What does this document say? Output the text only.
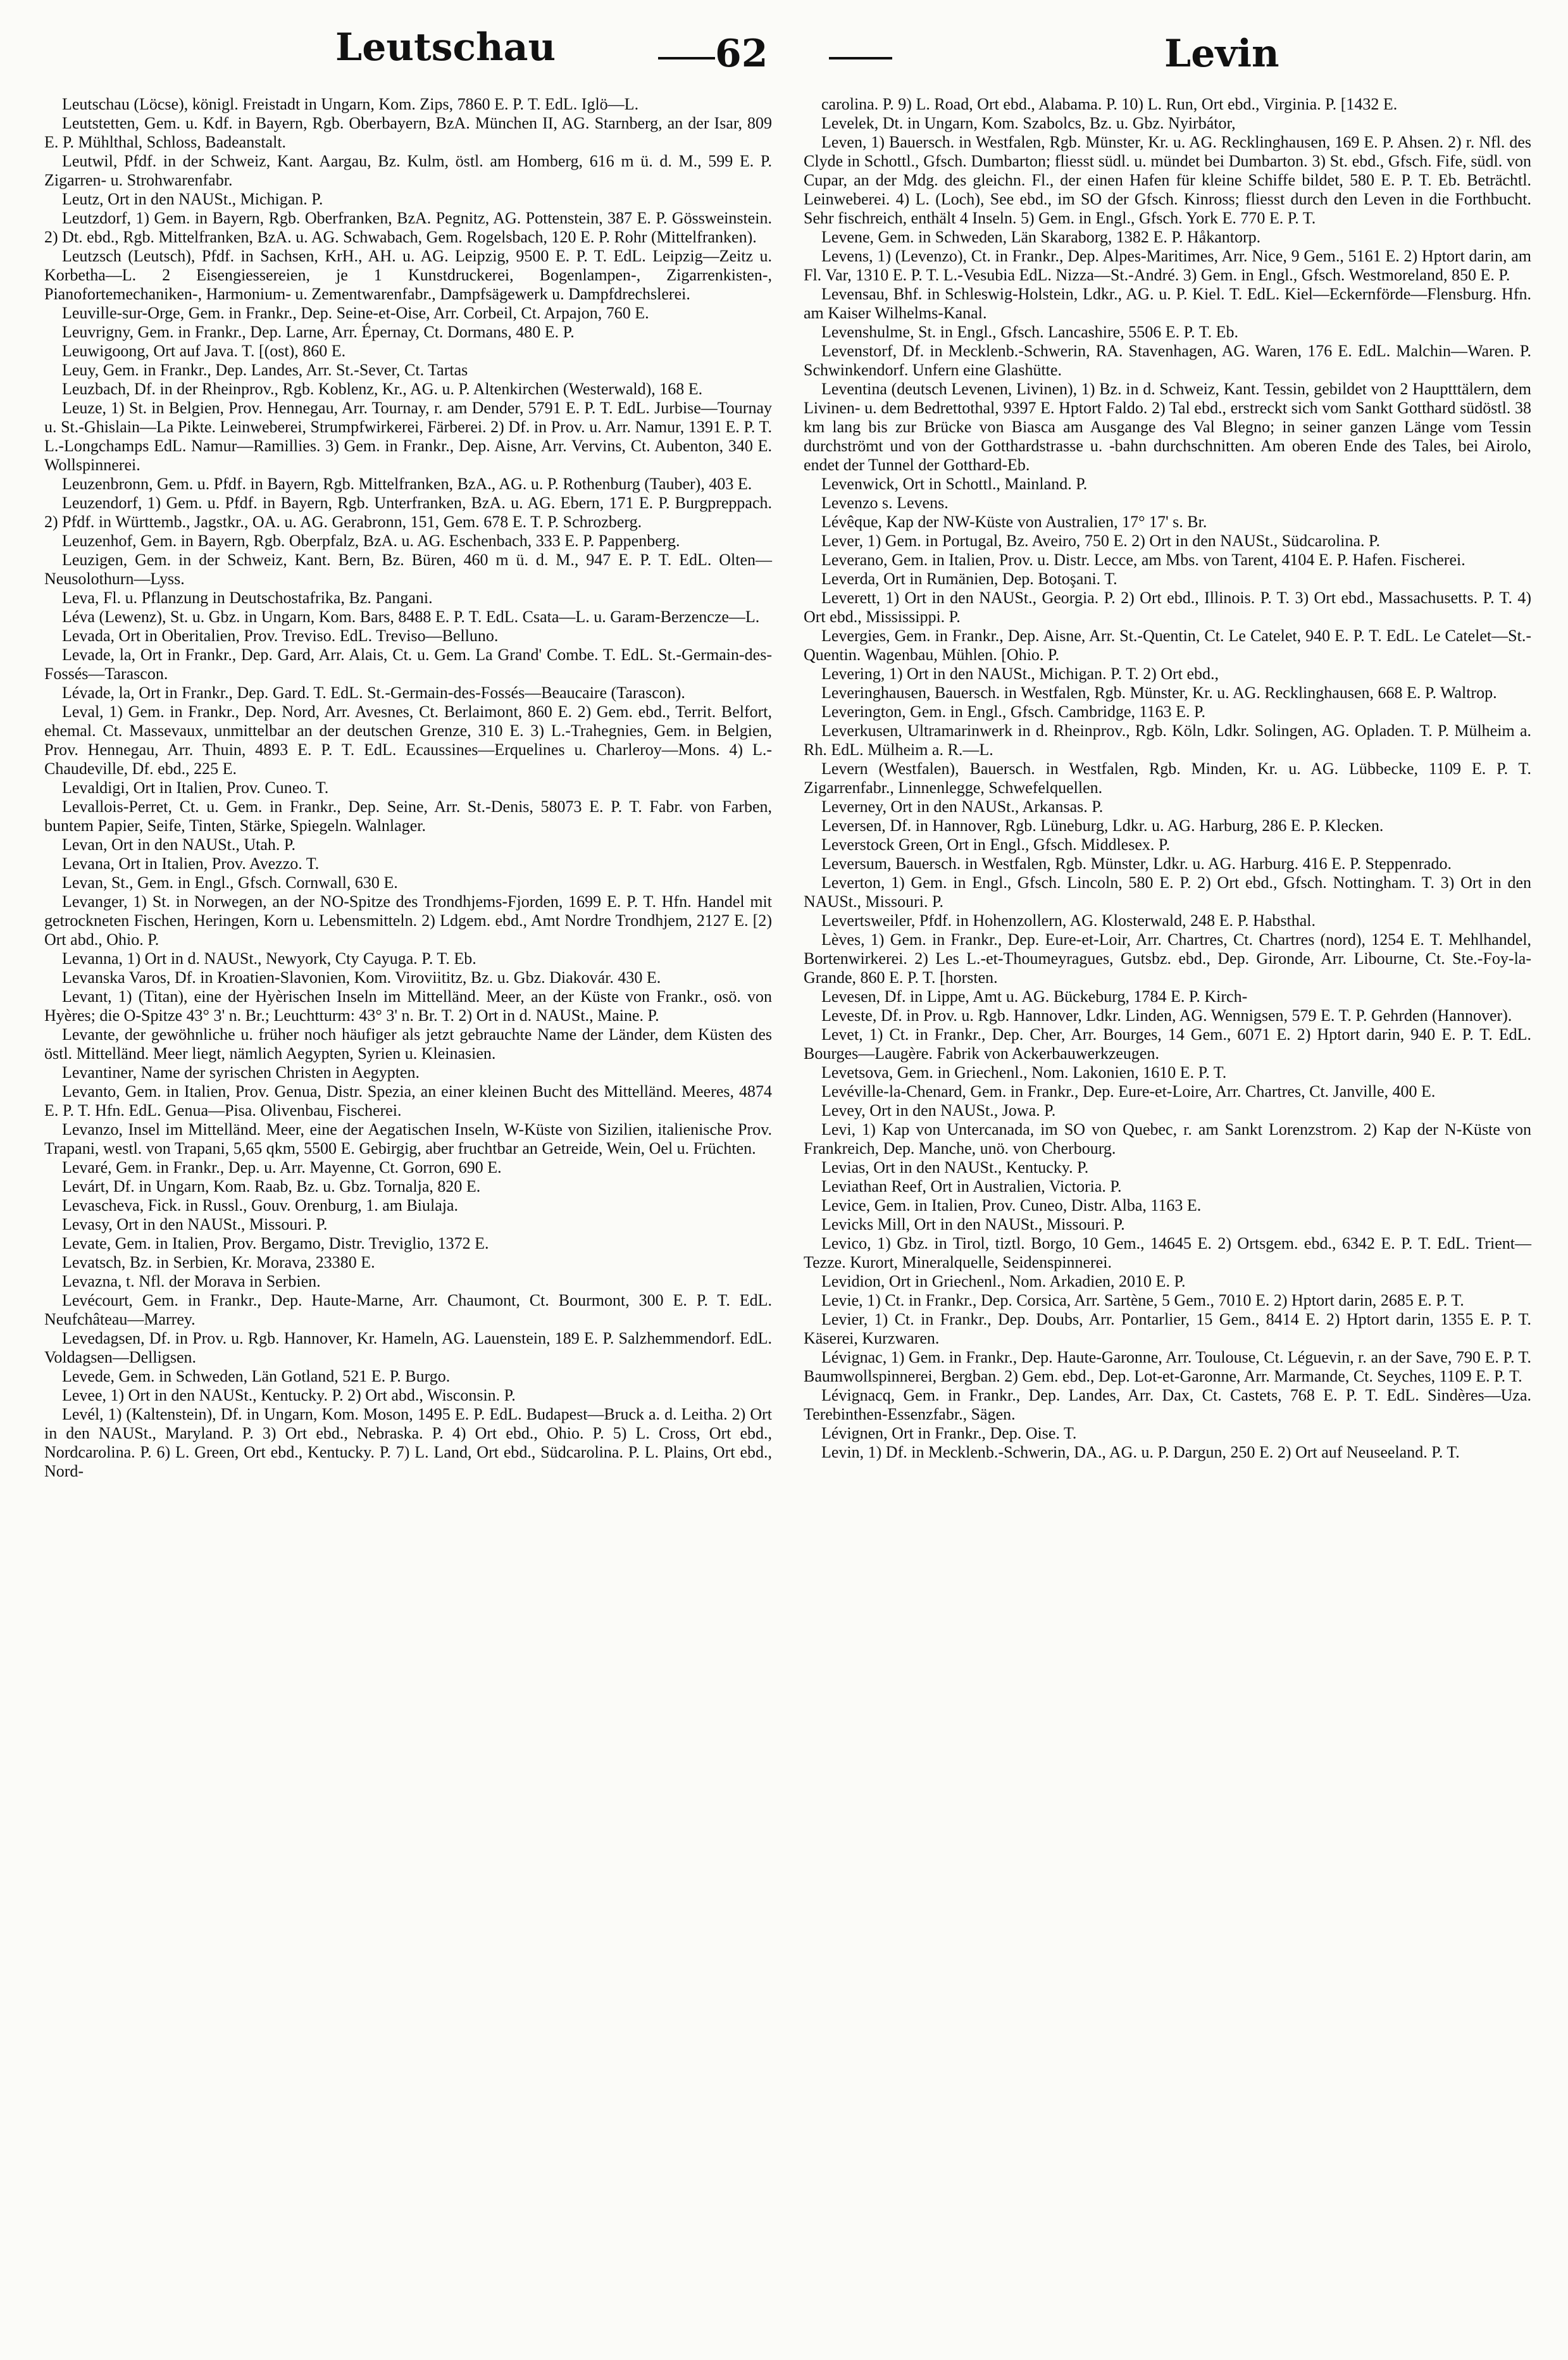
Leutschau	62	Levin

Leutschau (Löcse), königl. Freistadt in Ungarn, Kom. Zips, 7860 E. P. T. EdL. Iglö—L.

Leutstetten, Gem. u. Kdf. in Bayern, Rgb. Oberbayern, BzA. München II, AG. Starnberg, an der Isar, 809 E. P. Mühlthal, Schloss, Badeanstalt.

Leutwil, Pfdf. in der Schweiz, Kant. Aargau, Bz. Kulm, östl. am Homberg, 616 m ü. d. M., 599 E. P. Zigarren- u. Strohwarenfabr.

Leutz, Ort in den NAUSt., Michigan. P.

Leutzdorf, 1) Gem. in Bayern, Rgb. Oberfranken, BzA. Pegnitz, AG. Pottenstein, 387 E. P. Gössweinstein. 2) Dt. ebd., Rgb. Mittelfranken, BzA. u. AG. Schwabach, Gem. Rogelsbach, 120 E. P. Rohr (Mittelfranken).

Leutzsch (Leutsch), Pfdf. in Sachsen, KrH., AH. u. AG. Leipzig, 9500 E. P. T. EdL. Leipzig—Zeitz u. Korbetha—L. 2 Eisengiessereien, je 1 Kunstdruckerei, Bogenlampen-, Zigarrenkisten-, Pianofortemechaniken-, Harmonium- u. Zementwarenfabr., Dampfsägewerk u. Dampfdrechslerei.

Leuville-sur-Orge, Gem. in Frankr., Dep. Seine-et-Oise, Arr. Corbeil, Ct. Arpajon, 760 E.

Leuvrigny, Gem. in Frankr., Dep. Larne, Arr. Épernay, Ct. Dormans, 480 E. P.

Leuwigoong, Ort auf Java. T. [(ost), 860 E.

Leuy, Gem. in Frankr., Dep. Landes, Arr. St.-Sever, Ct. Tartas

Leuzbach, Df. in der Rheinprov., Rgb. Koblenz, Kr., AG. u. P. Altenkirchen (Westerwald), 168 E.

Leuze, 1) St. in Belgien, Prov. Hennegau, Arr. Tournay, r. am Dender, 5791 E. P. T. EdL. Jurbise—Tournay u. St.-Ghislain—La Pikte. Leinweberei, Strumpfwirkerei, Färberei. 2) Df. in Prov. u. Arr. Namur, 1391 E. P. T. L.-Longchamps EdL. Namur—Ramillies. 3) Gem. in Frankr., Dep. Aisne, Arr. Vervins, Ct. Aubenton, 340 E. Wollspinnerei.

Leuzenbronn, Gem. u. Pfdf. in Bayern, Rgb. Mittelfranken, BzA., AG. u. P. Rothenburg (Tauber), 403 E.

Leuzendorf, 1) Gem. u. Pfdf. in Bayern, Rgb. Unterfranken, BzA. u. AG. Ebern, 171 E. P. Burgpreppach. 2) Pfdf. in Württemb., Jagstkr., OA. u. AG. Gerabronn, 151, Gem. 678 E. T. P. Schrozberg.

Leuzenhof, Gem. in Bayern, Rgb. Oberpfalz, BzA. u. AG. Eschenbach, 333 E. P. Pappenberg.

Leuzigen, Gem. in der Schweiz, Kant. Bern, Bz. Büren, 460 m ü. d. M., 947 E. P. T. EdL. Olten—Neusolothurn—Lyss.

Leva, Fl. u. Pflanzung in Deutschostafrika, Bz. Pangani.

Léva (Lewenz), St. u. Gbz. in Ungarn, Kom. Bars, 8488 E. P. T. EdL. Csata—L. u. Garam-Berzencze—L.

Levada, Ort in Oberitalien, Prov. Treviso. EdL. Treviso—Belluno.

Levade, la, Ort in Frankr., Dep. Gard, Arr. Alais, Ct. u. Gem. La Grand' Combe. T. EdL. St.-Germain-des-Fossés—Tarascon.

Lévade, la, Ort in Frankr., Dep. Gard. T. EdL. St.-Germain-des-Fossés—Beaucaire (Tarascon).

Leval, 1) Gem. in Frankr., Dep. Nord, Arr. Avesnes, Ct. Berlaimont, 860 E. 2) Gem. ebd., Territ. Belfort, ehemal. Ct. Massevaux, unmittelbar an der deutschen Grenze, 310 E. 3) L.-Trahegnies, Gem. in Belgien, Prov. Hennegau, Arr. Thuin, 4893 E. P. T. EdL. Ecaussines—Erquelines u. Charleroy—Mons. 4) L.-Chaudeville, Df. ebd., 225 E.

Levaldigi, Ort in Italien, Prov. Cuneo. T.

Levallois-Perret, Ct. u. Gem. in Frankr., Dep. Seine, Arr. St.-Denis, 58073 E. P. T. Fabr. von Farben, buntem Papier, Seife, Tinten, Stärke, Spiegeln. Walnlager.

Levan, Ort in den NAUSt., Utah. P.

Levana, Ort in Italien, Prov. Avezzo. T.

Levan, St., Gem. in Engl., Gfsch. Cornwall, 630 E.

Levanger, 1) St. in Norwegen, an der NO-Spitze des Trondhjems-Fjorden, 1699 E. P. T. Hfn. Handel mit getrockneten Fischen, Heringen, Korn u. Lebensmitteln. 2) Ldgem. ebd., Amt Nordre Trondhjem, 2127 E. [2) Ort abd., Ohio. P.

Levanna, 1) Ort in d. NAUSt., Newyork, Cty Cayuga. P. T. Eb.

Levanska Varos, Df. in Kroatien-Slavonien, Kom. Viroviititz, Bz. u. Gbz. Diakovár. 430 E.

Levant, 1) (Titan), eine der Hyèrischen Inseln im Mittelländ. Meer, an der Küste von Frankr., osö. von Hyères; die O-Spitze 43° 3' n. Br.; Leuchtturm: 43° 3' n. Br. T. 2) Ort in d. NAUSt., Maine. P.

Levante, der gewöhnliche u. früher noch häufiger als jetzt gebrauchte Name der Länder, dem Küsten des östl. Mittelländ. Meer liegt, nämlich Aegypten, Syrien u. Kleinasien.

Levantiner, Name der syrischen Christen in Aegypten.

Levanto, Gem. in Italien, Prov. Genua, Distr. Spezia, an einer kleinen Bucht des Mittelländ. Meeres, 4874 E. P. T. Hfn. EdL. Genua—Pisa. Olivenbau, Fischerei.

Levanzo, Insel im Mittelländ. Meer, eine der Aegatischen Inseln, W-Küste von Sizilien, italienische Prov. Trapani, westl. von Trapani, 5,65 qkm, 5500 E. Gebirgig, aber fruchtbar an Getreide, Wein, Oel u. Früchten.

Levaré, Gem. in Frankr., Dep. u. Arr. Mayenne, Ct. Gorron, 690 E.

Levárt, Df. in Ungarn, Kom. Raab, Bz. u. Gbz. Tornalja, 820 E.

Levascheva, Fick. in Russl., Gouv. Orenburg, 1. am Biulaja.

Levasy, Ort in den NAUSt., Missouri. P.

Levate, Gem. in Italien, Prov. Bergamo, Distr. Treviglio, 1372 E.

Levatsch, Bz. in Serbien, Kr. Morava, 23380 E.

Levazna, t. Nfl. der Morava in Serbien.

Levécourt, Gem. in Frankr., Dep. Haute-Marne, Arr. Chaumont, Ct. Bourmont, 300 E. P. T. EdL. Neufchâteau—Marrey.

Levedagsen, Df. in Prov. u. Rgb. Hannover, Kr. Hameln, AG. Lauenstein, 189 E. P. Salzhemmendorf. EdL. Voldagsen—Delligsen.

Levede, Gem. in Schweden, Län Gotland, 521 E. P. Burgo.

Levee, 1) Ort in den NAUSt., Kentucky. P. 2) Ort abd., Wisconsin. P.

Levél, 1) (Kaltenstein), Df. in Ungarn, Kom. Moson, 1495 E. P. EdL. Budapest—Bruck a. d. Leitha. 2) Ort in den NAUSt., Maryland. P. 3) Ort ebd., Nebraska. P. 4) Ort ebd., Ohio. P. 5) L. Cross, Ort ebd., Nordcarolina. P. 6) L. Green, Ort ebd., Kentucky. P. 7) L. Land, Ort ebd., Südcarolina. P. L. Plains, Ort ebd., Nord-

carolina. P. 9) L. Road, Ort ebd., Alabama. P. 10) L. Run, Ort ebd., Virginia. P. [1432 E.

Levelek, Dt. in Ungarn, Kom. Szabolcs, Bz. u. Gbz. Nyirbátor,

Leven, 1) Bauersch. in Westfalen, Rgb. Münster, Kr. u. AG. Recklinghausen, 169 E. P. Ahsen. 2) r. Nfl. des Clyde in Schottl., Gfsch. Dumbarton; fliesst südl. u. mündet bei Dumbarton. 3) St. ebd., Gfsch. Fife, südl. von Cupar, an der Mdg. des gleichn. Fl., der einen Hafen für kleine Schiffe bildet, 580 E. P. T. Eb. Beträchtl. Leinweberei. 4) L. (Loch), See ebd., im SO der Gfsch. Kinross; fliesst durch den Leven in die Forthbucht. Sehr fischreich, enthält 4 Inseln. 5) Gem. in Engl., Gfsch. York E. 770 E. P. T.

Levene, Gem. in Schweden, Län Skaraborg, 1382 E. P. Håkantorp.

Levens, 1) (Levenzo), Ct. in Frankr., Dep. Alpes-Maritimes, Arr. Nice, 9 Gem., 5161 E. 2) Hptort darin, am Fl. Var, 1310 E. P. T. L.-Vesubia EdL. Nizza—St.-André. 3) Gem. in Engl., Gfsch. Westmoreland, 850 E. P.

Levensau, Bhf. in Schleswig-Holstein, Ldkr., AG. u. P. Kiel. T. EdL. Kiel—Eckernförde—Flensburg. Hfn. am Kaiser Wilhelms-Kanal.

Levenshulme, St. in Engl., Gfsch. Lancashire, 5506 E. P. T. Eb.

Levenstorf, Df. in Mecklenb.-Schwerin, RA. Stavenhagen, AG. Waren, 176 E. EdL. Malchin—Waren. P. Schwinkendorf. Unfern eine Glashütte.

Leventina (deutsch Levenen, Livinen), 1) Bz. in d. Schweiz, Kant. Tessin, gebildet von 2 Hauptttälern, dem Livinen- u. dem Bedrettothal, 9397 E. Hptort Faldo. 2) Tal ebd., erstreckt sich vom Sankt Gotthard südöstl. 38 km lang bis zur Brücke von Biasca am Ausgange des Val Blegno; in seiner ganzen Länge vom Tessin durchströmt und von der Gotthardstrasse u. -bahn durchschnitten. Am oberen Ende des Tales, bei Airolo, endet der Tunnel der Gotthard-Eb.

Levenwick, Ort in Schottl., Mainland. P.

Levenzo s. Levens.

Lévêque, Kap der NW-Küste von Australien, 17° 17' s. Br.

Lever, 1) Gem. in Portugal, Bz. Aveiro, 750 E. 2) Ort in den NAUSt., Südcarolina. P.

Leverano, Gem. in Italien, Prov. u. Distr. Lecce, am Mbs. von Tarent, 4104 E. P. Hafen. Fischerei.

Leverda, Ort in Rumänien, Dep. Botoşani. T.

Leverett, 1) Ort in den NAUSt., Georgia. P. 2) Ort ebd., Illinois. P. T. 3) Ort ebd., Massachusetts. P. T. 4) Ort ebd., Mississippi. P.

Levergies, Gem. in Frankr., Dep. Aisne, Arr. St.-Quentin, Ct. Le Catelet, 940 E. P. T. EdL. Le Catelet—St.-Quentin. Wagenbau, Mühlen. [Ohio. P.

Levering, 1) Ort in den NAUSt., Michigan. P. T. 2) Ort ebd.,

Leveringhausen, Bauersch. in Westfalen, Rgb. Münster, Kr. u. AG. Recklinghausen, 668 E. P. Waltrop.

Leverington, Gem. in Engl., Gfsch. Cambridge, 1163 E. P.

Leverkusen, Ultramarinwerk in d. Rheinprov., Rgb. Köln, Ldkr. Solingen, AG. Opladen. T. P. Mülheim a. Rh. EdL. Mülheim a. R.—L.

Levern (Westfalen), Bauersch. in Westfalen, Rgb. Minden, Kr. u. AG. Lübbecke, 1109 E. P. T. Zigarrenfabr., Linnenlegge, Schwefelquellen.

Leverney, Ort in den NAUSt., Arkansas. P.

Leversen, Df. in Hannover, Rgb. Lüneburg, Ldkr. u. AG. Harburg, 286 E. P. Klecken.

Leverstock Green, Ort in Engl., Gfsch. Middlesex. P.

Leversum, Bauersch. in Westfalen, Rgb. Münster, Ldkr. u. AG. Harburg. 416 E. P. Steppenrado.

Leverton, 1) Gem. in Engl., Gfsch. Lincoln, 580 E. P. 2) Ort ebd., Gfsch. Nottingham. T. 3) Ort in den NAUSt., Missouri. P.

Levertsweiler, Pfdf. in Hohenzollern, AG. Klosterwald, 248 E. P. Habsthal.

Lèves, 1) Gem. in Frankr., Dep. Eure-et-Loir, Arr. Chartres, Ct. Chartres (nord), 1254 E. T. Mehlhandel, Bortenwirkerei. 2) Les L.-et-Thoumeyragues, Gutsbz. ebd., Dep. Gironde, Arr. Libourne, Ct. Ste.-Foy-la-Grande, 860 E. P. T. [horsten.

Levesen, Df. in Lippe, Amt u. AG. Bückeburg, 1784 E. P. Kirch-

Leveste, Df. in Prov. u. Rgb. Hannover, Ldkr. Linden, AG. Wennigsen, 579 E. T. P. Gehrden (Hannover).

Levet, 1) Ct. in Frankr., Dep. Cher, Arr. Bourges, 14 Gem., 6071 E. 2) Hptort darin, 940 E. P. T. EdL. Bourges—Laugère. Fabrik von Ackerbauwerkzeugen.

Levetsova, Gem. in Griechenl., Nom. Lakonien, 1610 E. P. T.

Levéville-la-Chenard, Gem. in Frankr., Dep. Eure-et-Loire, Arr. Chartres, Ct. Janville, 400 E.

Levey, Ort in den NAUSt., Jowa. P.

Levi, 1) Kap von Untercanada, im SO von Quebec, r. am Sankt Lorenzstrom. 2) Kap der N-Küste von Frankreich, Dep. Manche, unö. von Cherbourg.

Levias, Ort in den NAUSt., Kentucky. P.

Leviathan Reef, Ort in Australien, Victoria. P.

Levice, Gem. in Italien, Prov. Cuneo, Distr. Alba, 1163 E.

Levicks Mill, Ort in den NAUSt., Missouri. P.

Levico, 1) Gbz. in Tirol, tiztl. Borgo, 10 Gem., 14645 E. 2) Ortsgem. ebd., 6342 E. P. T. EdL. Trient—Tezze. Kurort, Mineralquelle, Seidenspinnerei.

Levidion, Ort in Griechenl., Nom. Arkadien, 2010 E. P.

Levie, 1) Ct. in Frankr., Dep. Corsica, Arr. Sartène, 5 Gem., 7010 E. 2) Hptort darin, 2685 E. P. T.

Levier, 1) Ct. in Frankr., Dep. Doubs, Arr. Pontarlier, 15 Gem., 8414 E. 2) Hptort darin, 1355 E. P. T. Käserei, Kurzwaren.

Lévignac, 1) Gem. in Frankr., Dep. Haute-Garonne, Arr. Toulouse, Ct. Léguevin, r. an der Save, 790 E. P. T. Baumwollspinnerei, Bergban. 2) Gem. ebd., Dep. Lot-et-Garonne, Arr. Marmande, Ct. Seyches, 1109 E. P. T.

Lévignacq, Gem. in Frankr., Dep. Landes, Arr. Dax, Ct. Castets, 768 E. P. T. EdL. Sindères—Uza. Terebinthen-Essenzfabr., Sägen.

Lévignen, Ort in Frankr., Dep. Oise. T.

Levin, 1) Df. in Mecklenb.-Schwerin, DA., AG. u. P. Dargun, 250 E. 2) Ort auf Neuseeland. P. T.
